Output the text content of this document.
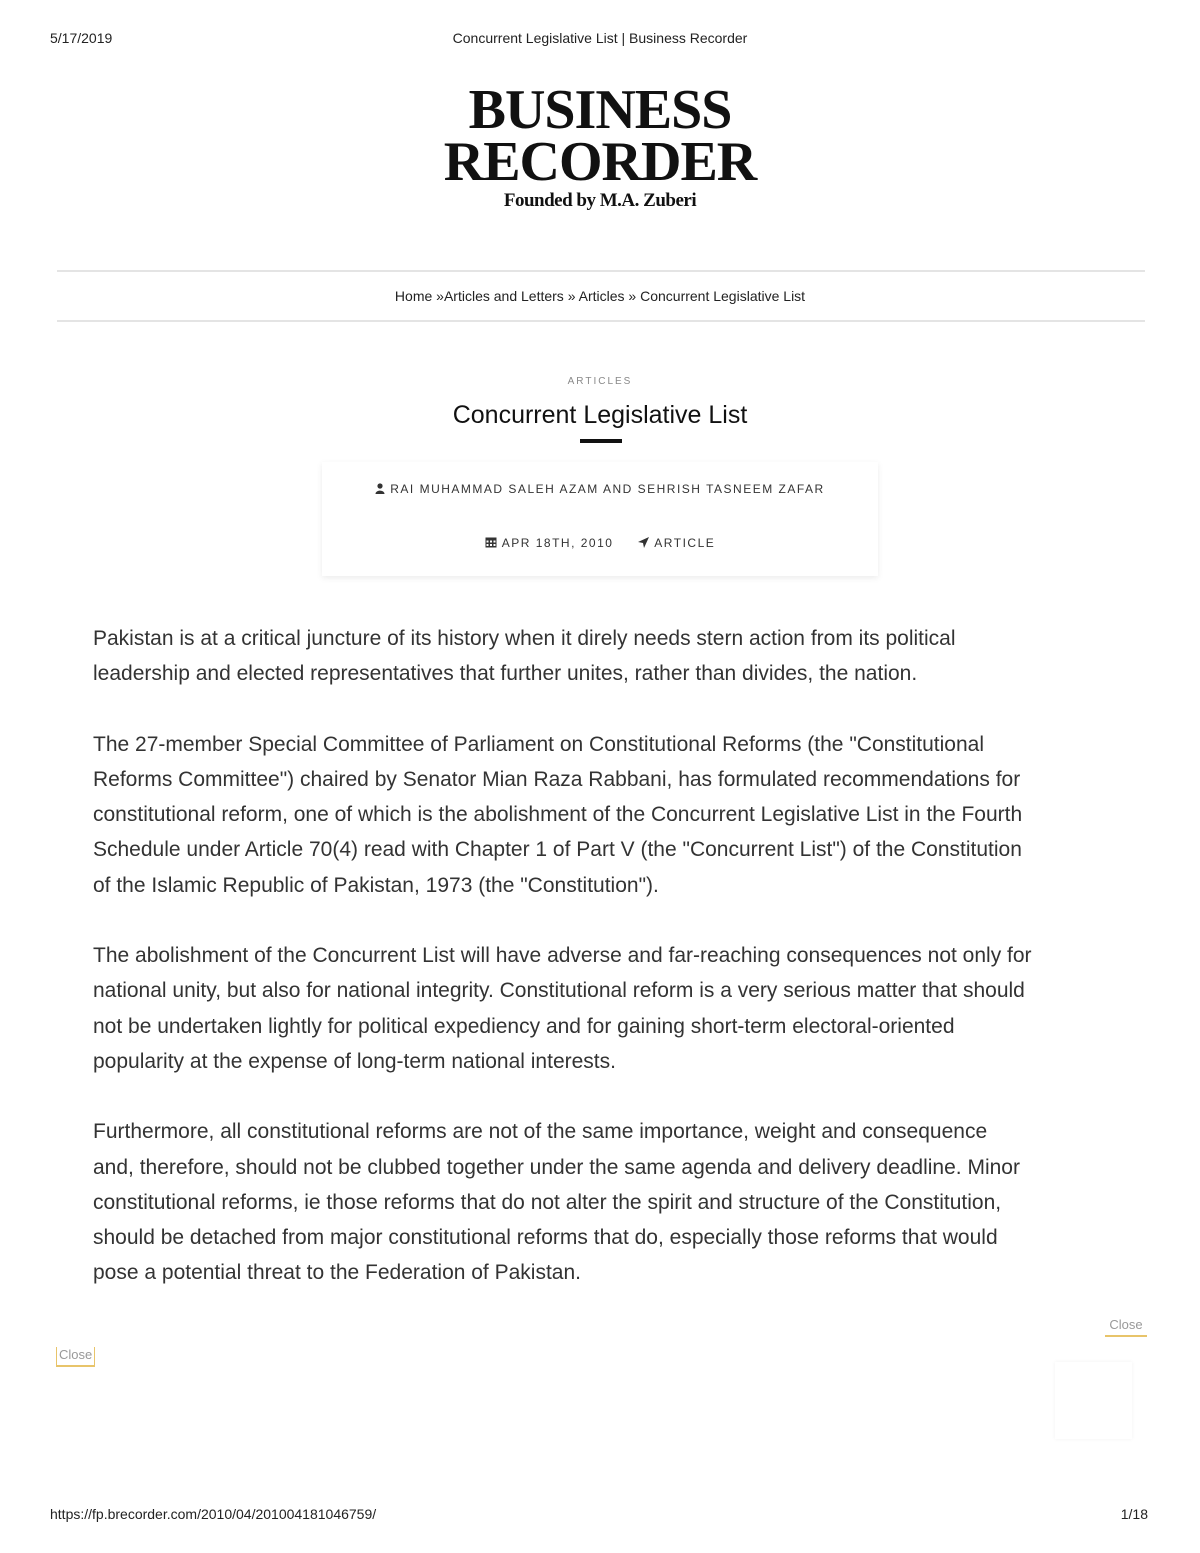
5/17/2019	Concurrent Legislative List | Business Recorder
BUSINESS
RECORDER
Founded by M.A. Zuberi
Home »Articles and Letters » Articles » Concurrent Legislative List
ARTICLES
Concurrent Legislative List
RAI MUHAMMAD SALEH AZAM AND SEHRISH TASNEEM ZAFAR
APR 18TH, 2010	ARTICLE

Pakistan is at a critical juncture of its history when it direly needs stern action from its political leadership and elected representatives that further unites, rather than divides, the nation.

The 27-member Special Committee of Parliament on Constitutional Reforms (the "Constitutional Reforms Committee") chaired by Senator Mian Raza Rabbani, has formulated recommendations for constitutional reform, one of which is the abolishment of the Concurrent Legislative List in the Fourth Schedule under Article 70(4) read with Chapter 1 of Part V (the "Concurrent List") of the Constitution of the Islamic Republic of Pakistan, 1973 (the "Constitution").

The abolishment of the Concurrent List will have adverse and far-reaching consequences not only for national unity, but also for national integrity. Constitutional reform is a very serious matter that should not be undertaken lightly for political expediency and for gaining short-term electoral-oriented popularity at the expense of long-term national interests.

Furthermore, all constitutional reforms are not of the same importance, weight and consequence and, therefore, should not be clubbed together under the same agenda and delivery deadline. Minor constitutional reforms, ie those reforms that do not alter the spirit and structure of the Constitution, should be detached from major constitutional reforms that do, especially those reforms that would pose a potential threat to the Federation of Pakistan.

Close
Close
https://fp.brecorder.com/2010/04/201004181046759/	1/18
